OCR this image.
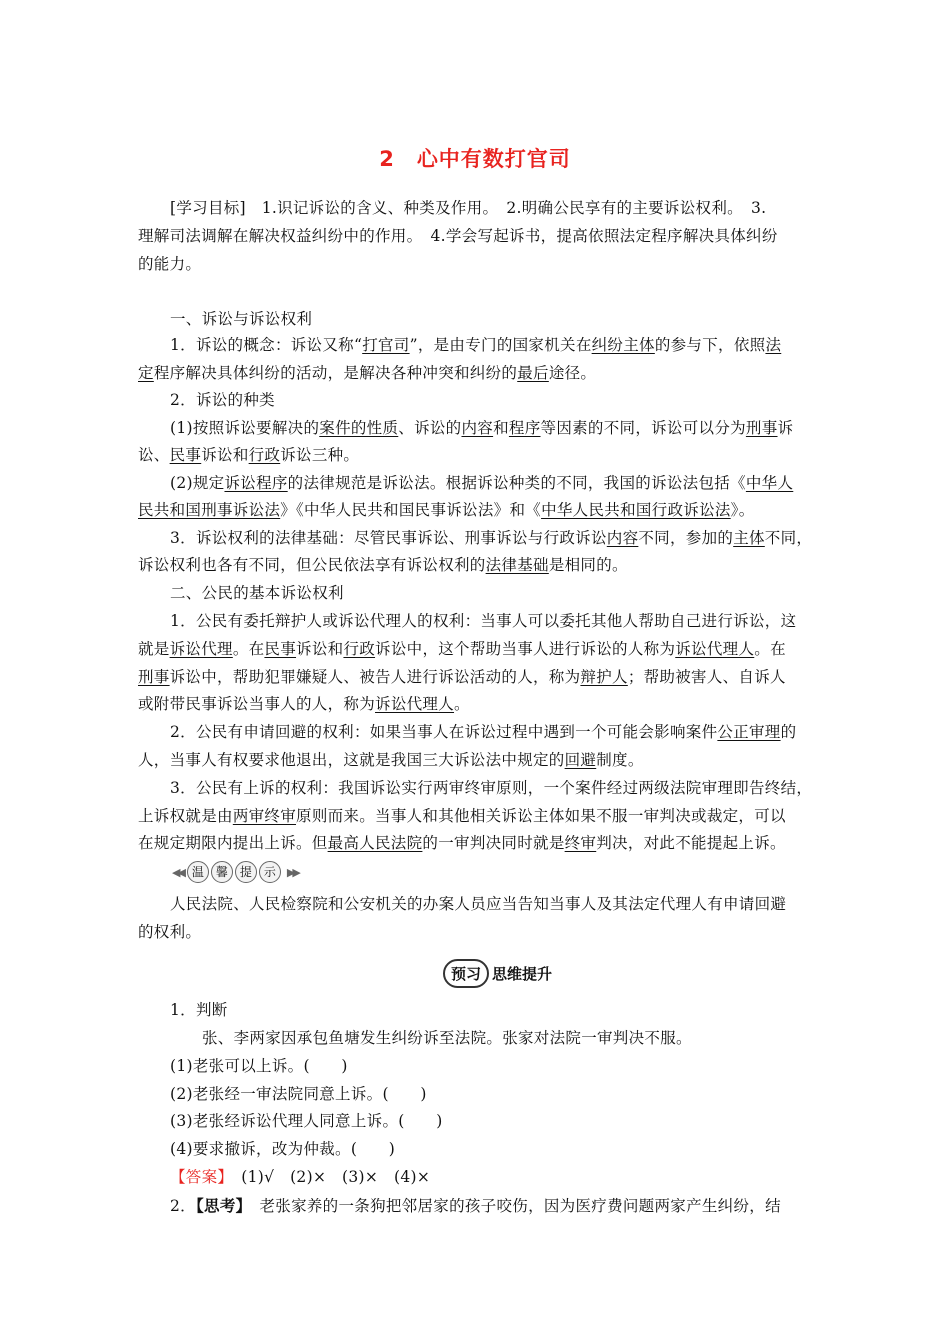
2 心中有数打官司
[学习目标]　1.识记诉讼的含义、种类及作用。　2.明确公民享有的主要诉讼权利。　3.
理解司法调解在解决权益纠纷中的作用。　4.学会写起诉书，提高依照法定程序解决具体纠纷
的能力。
一、诉讼与诉讼权利
1．诉讼的概念：诉讼又称“打官司”，是由专门的国家机关在纠纷主体的参与下，依照法
定程序解决具体纠纷的活动，是解决各种冲突和纠纷的最后途径。
2．诉讼的种类
(1)按照诉讼要解决的案件的性质、诉讼的内容和程序等因素的不同，诉讼可以分为刑事诉
讼、民事诉讼和行政诉讼三种。
(2)规定诉讼程序的法律规范是诉讼法。根据诉讼种类的不同，我国的诉讼法包括《中华人
民共和国刑事诉讼法》《中华人民共和国民事诉讼法》和《中华人民共和国行政诉讼法》。
3．诉讼权利的法律基础：尽管民事诉讼、刑事诉讼与行政诉讼内容不同，参加的主体不同，
诉讼权利也各有不同，但公民依法享有诉讼权利的法律基础是相同的。
二、公民的基本诉讼权利
1．公民有委托辩护人或诉讼代理人的权利：当事人可以委托其他人帮助自己进行诉讼，这
就是诉讼代理。在民事诉讼和行政诉讼中，这个帮助当事人进行诉讼的人称为诉讼代理人。在
刑事诉讼中，帮助犯罪嫌疑人、被告人进行诉讼活动的人，称为辩护人；帮助被害人、自诉人
或附带民事诉讼当事人的人，称为诉讼代理人。
2．公民有申请回避的权利：如果当事人在诉讼过程中遇到一个可能会影响案件公正审理的
人，当事人有权要求他退出，这就是我国三大诉讼法中规定的回避制度。
3．公民有上诉的权利：我国诉讼实行两审终审原则，一个案件经过两级法院审理即告终结，
上诉权就是由两审终审原则而来。当事人和其他相关诉讼主体如果不服一审判决或裁定，可以
在规定期限内提出上诉。但最高人民法院的一审判决同时就是终审判决，对此不能提起上诉。
◀◀ 温 馨 提 示	▶▶
人民法院、人民检察院和公安机关的办案人员应当告知当事人及其法定代理人有申请回避
的权利。
预习 思维提升
1．判断
张、李两家因承包鱼塘发生纠纷诉至法院。张家对法院一审判决不服。
(1)老张可以上诉。(　　)
(2)老张经一审法院同意上诉。(　　)
(3)老张经诉讼代理人同意上诉。(　　)
(4)要求撤诉，改为仲裁。(　　)
【答案】　(1)√　(2)×　(3)×　(4)×
2．【思考】　老张家养的一条狗把邻居家的孩子咬伤，因为医疗费问题两家产生纠纷，结
